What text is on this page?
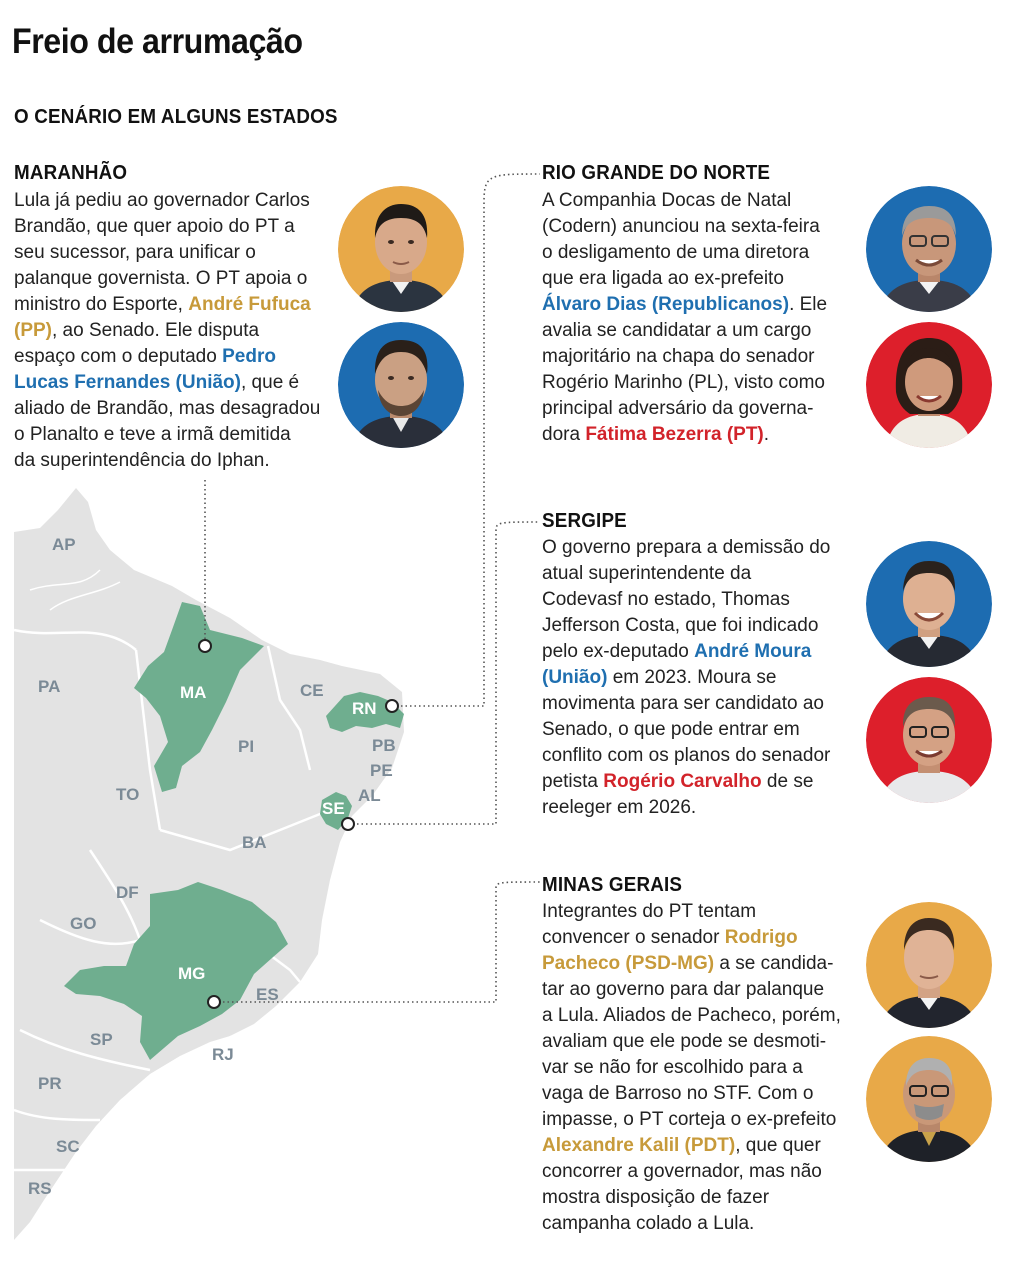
Freio de arrumação
O CENÁRIO EM ALGUNS ESTADOS
MARANHÃO
Lula já pediu ao governador Carlos
Brandão, que quer apoio do PT a
seu sucessor, para unificar o
palanque governista. O PT apoia o
ministro do Esporte, André Fufuca
(PP), ao Senado. Ele disputa
espaço com o deputado Pedro
Lucas Fernandes (União), que é
aliado de Brandão, mas desagradou
o Planalto e teve a irmã demitida
da superintendência do Iphan.
RIO GRANDE DO NORTE
A Companhia Docas de Natal
(Codern) anunciou na sexta-feira
o desligamento de uma diretora
que era ligada ao ex-prefeito
Álvaro Dias (Republicanos). Ele
avalia se candidatar a um cargo
majoritário na chapa do senador
Rogério Marinho (PL), visto como
principal adversário da governa-
dora Fátima Bezerra (PT).
SERGIPE
O governo prepara a demissão do
atual superintendente da
Codevasf no estado, Thomas
Jefferson Costa, que foi indicado
pelo ex-deputado André Moura
(União) em 2023. Moura se
movimenta para ser candidato ao
Senado, o que pode entrar em
conflito com os planos do senador
petista Rogério Carvalho de se
reeleger em 2026.
MINAS GERAIS
Integrantes do PT tentam
convencer o senador Rodrigo
Pacheco (PSD-MG) a se candida-
tar ao governo para dar palanque
a Lula. Aliados de Pacheco, porém,
avaliam que ele pode se desmoti-
var se não for escolhido para a
vaga de Barroso no STF. Com o
impasse, o PT corteja o ex-prefeito
Alexandre Kalil (PDT), que quer
concorrer a governador, mas não
mostra disposição de fazer
campanha colado a Lula.
AP
PA	MA	CE
RN
PB
PE
PI
AL
SE
TO
BA
DF
GO
MG
ES
SP
RJ
PR
SC
RS
